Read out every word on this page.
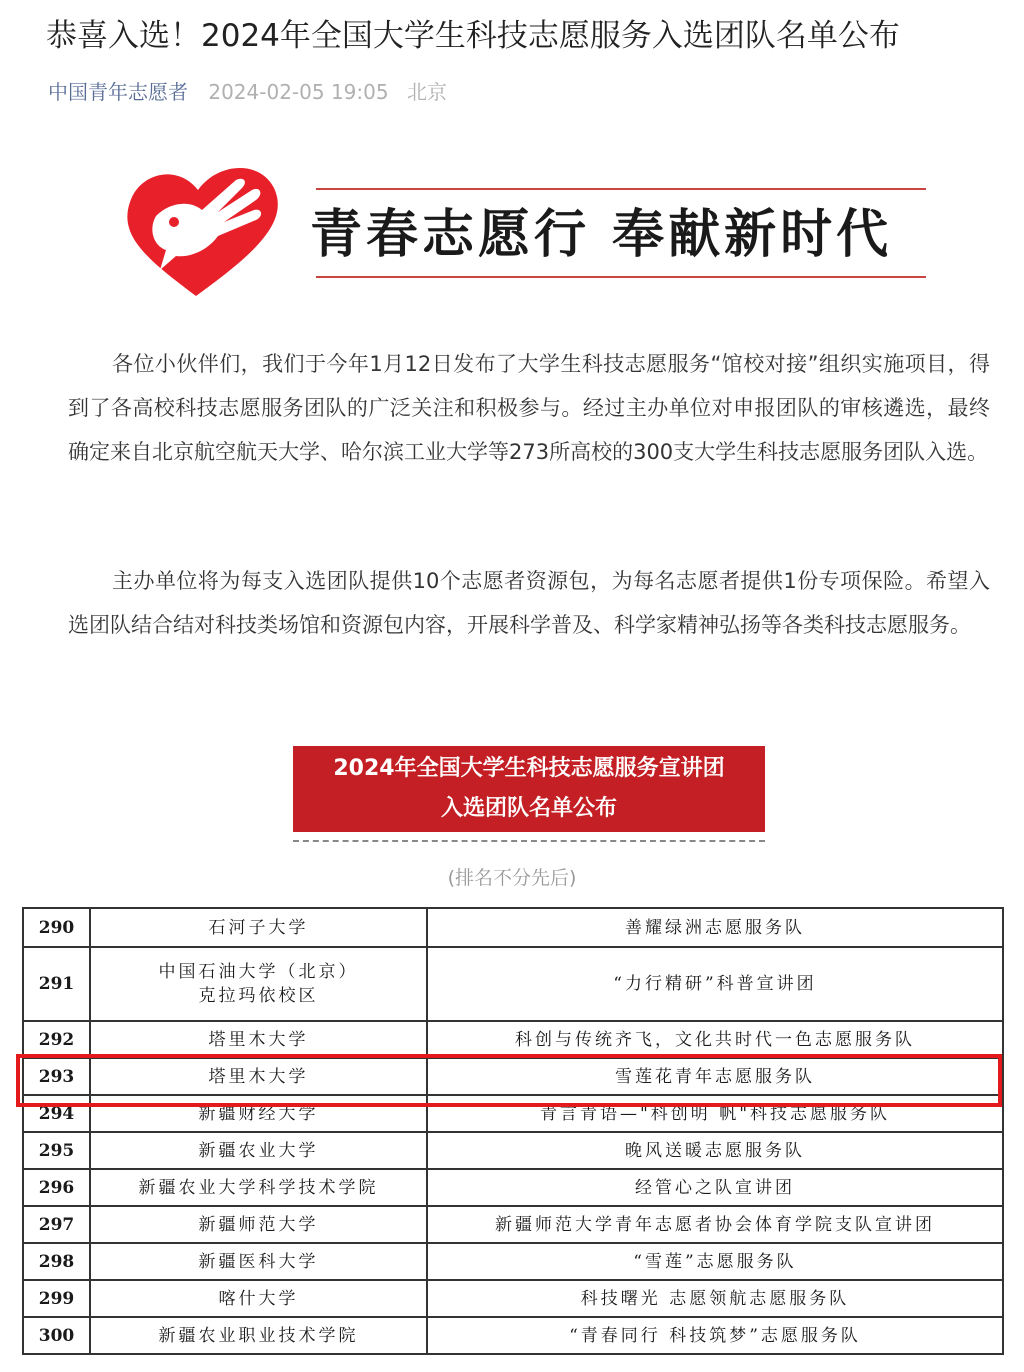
恭喜入选！2024年全国大学生科技志愿服务入选团队名单公布
中国青年志愿者 2024-02-05 19:05 北京
青春志愿行 奉献新时代

各位小伙伴们，我们于今年1月12日发布了大学生科技志愿服务“馆校对接”组织实施项目，得到了各高校科技志愿服务团队的广泛关注和积极参与。经过主办单位对申报团队的审核遴选，最终确定来自北京航空航天大学、哈尔滨工业大学等273所高校的300支大学生科技志愿服务团队入选。

主办单位将为每支入选团队提供10个志愿者资源包，为每名志愿者提供1份专项保险。希望入选团队结合结对科技类场馆和资源包内容，开展科学普及、科学家精神弘扬等各类科技志愿服务。

2024年全国大学生科技志愿服务宣讲团
入选团队名单公布
(排名不分先后)
290	石河子大学	善耀绿洲志愿服务队
291	中国石油大学（北京）
克拉玛依校区	“力行精研”科普宣讲团
292	塔里木大学	科创与传统齐飞，文化共时代一色志愿服务队
293	塔里木大学	雪莲花青年志愿服务队
294	新疆财经大学	青言青语—"科创明 帆"科技志愿服务队
295	新疆农业大学	晚风送暖志愿服务队
296	新疆农业大学科学技术学院	经管心之队宣讲团
297	新疆师范大学	新疆师范大学青年志愿者协会体育学院支队宣讲团
298	新疆医科大学	“雪莲”志愿服务队
299	喀什大学	科技曙光 志愿领航志愿服务队
300	新疆农业职业技术学院	“青春同行 科技筑梦”志愿服务队
